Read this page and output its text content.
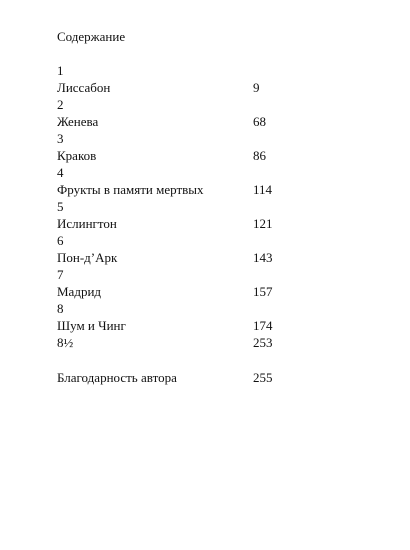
Содержание
1
Лиссабон	9
2
Женева	68
3
Краков	86
4
Фрукты в памяти мертвых	114
5
Ислингтон	121
6
Пон-д’Арк	143
7
Мадрид	157
8
Шум и Чинг	174
8½	253
Благодарность автора	255
